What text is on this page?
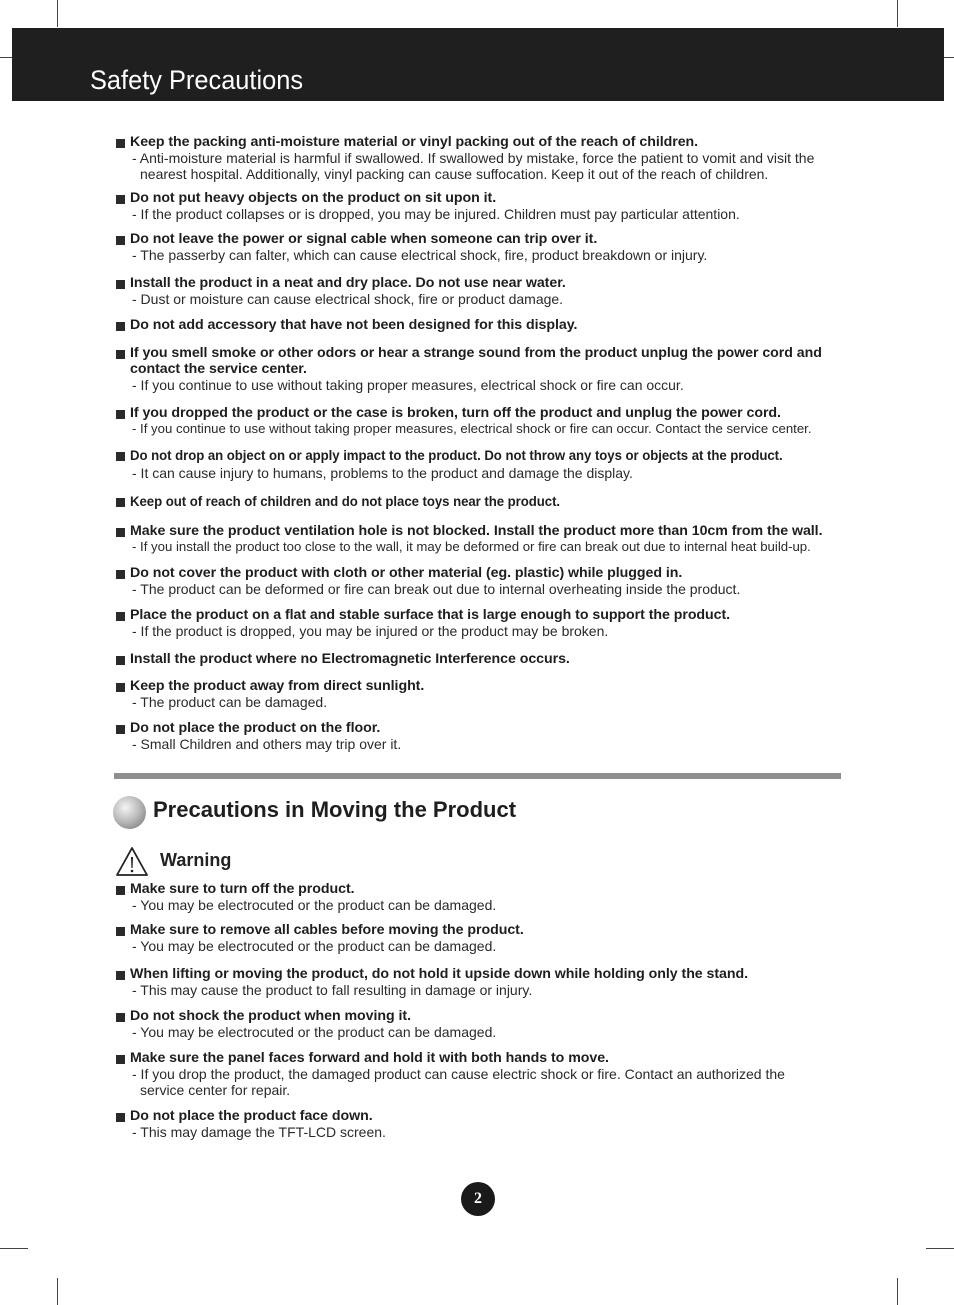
Safety Precautions
Keep the packing anti-moisture material or vinyl packing out of the reach of children.
- Anti-moisture material is harmful if swallowed. If swallowed by mistake, force the patient to vomit and visit the nearest hospital. Additionally, vinyl packing can cause suffocation. Keep it out of the reach of children.
Do not put heavy objects on the product on sit upon it.
- If the product collapses or is dropped, you may be injured. Children must pay particular attention.
Do not leave the power or signal cable when someone can trip over it.
- The passerby can falter, which can cause electrical shock, fire, product breakdown or injury.
Install the product in a neat and dry place. Do not use near water.
- Dust or moisture can cause electrical shock, fire or product damage.
Do not add accessory that have not been designed for this display.
If you smell smoke or other odors or hear a strange sound from the product unplug the power cord and contact the service center.
- If you continue to use without taking proper measures, electrical shock or fire can occur.
If you dropped the product or the case is broken, turn off the product and unplug the power cord.
- If you continue to use without taking proper measures, electrical shock or fire can occur. Contact the service center.
Do not drop an object on or apply impact to the product. Do not throw any toys or objects at the product.
- It can cause injury to humans, problems to the product and damage the display.
Keep out of reach of children and do not place toys near the product.
Make sure the product ventilation hole is not blocked. Install the product more than 10cm from the wall.
- If you install the product too close to the wall, it may be deformed or fire can break out due to internal heat build-up.
Do not cover the product with cloth or other material (eg. plastic) while plugged in.
- The product can be deformed or fire can break out due to internal overheating inside the product.
Place the product on a flat and stable surface that is large enough to support the product.
- If the product is dropped, you may be injured or the product may be broken.
Install the product where no Electromagnetic Interference occurs.
Keep the product away from direct sunlight.
- The product can be damaged.
Do not place the product on the floor.
- Small Children and others may trip over it.
Precautions in Moving the Product
Warning
Make sure to turn off the product.
- You may be electrocuted or the product can be damaged.
Make sure to remove all cables before moving the product.
- You may be electrocuted or the product can be damaged.
When lifting or moving the product, do not hold it upside down while holding only the stand.
- This may cause the product to fall resulting in damage or injury.
Do not shock the product when moving it.
- You may be electrocuted or the product can be damaged.
Make sure the panel faces forward and hold it with both hands to move.
- If you drop the product, the damaged product can cause electric shock or fire. Contact an authorized the service center for repair.
Do not place the product face down.
- This may damage the TFT-LCD screen.
2
